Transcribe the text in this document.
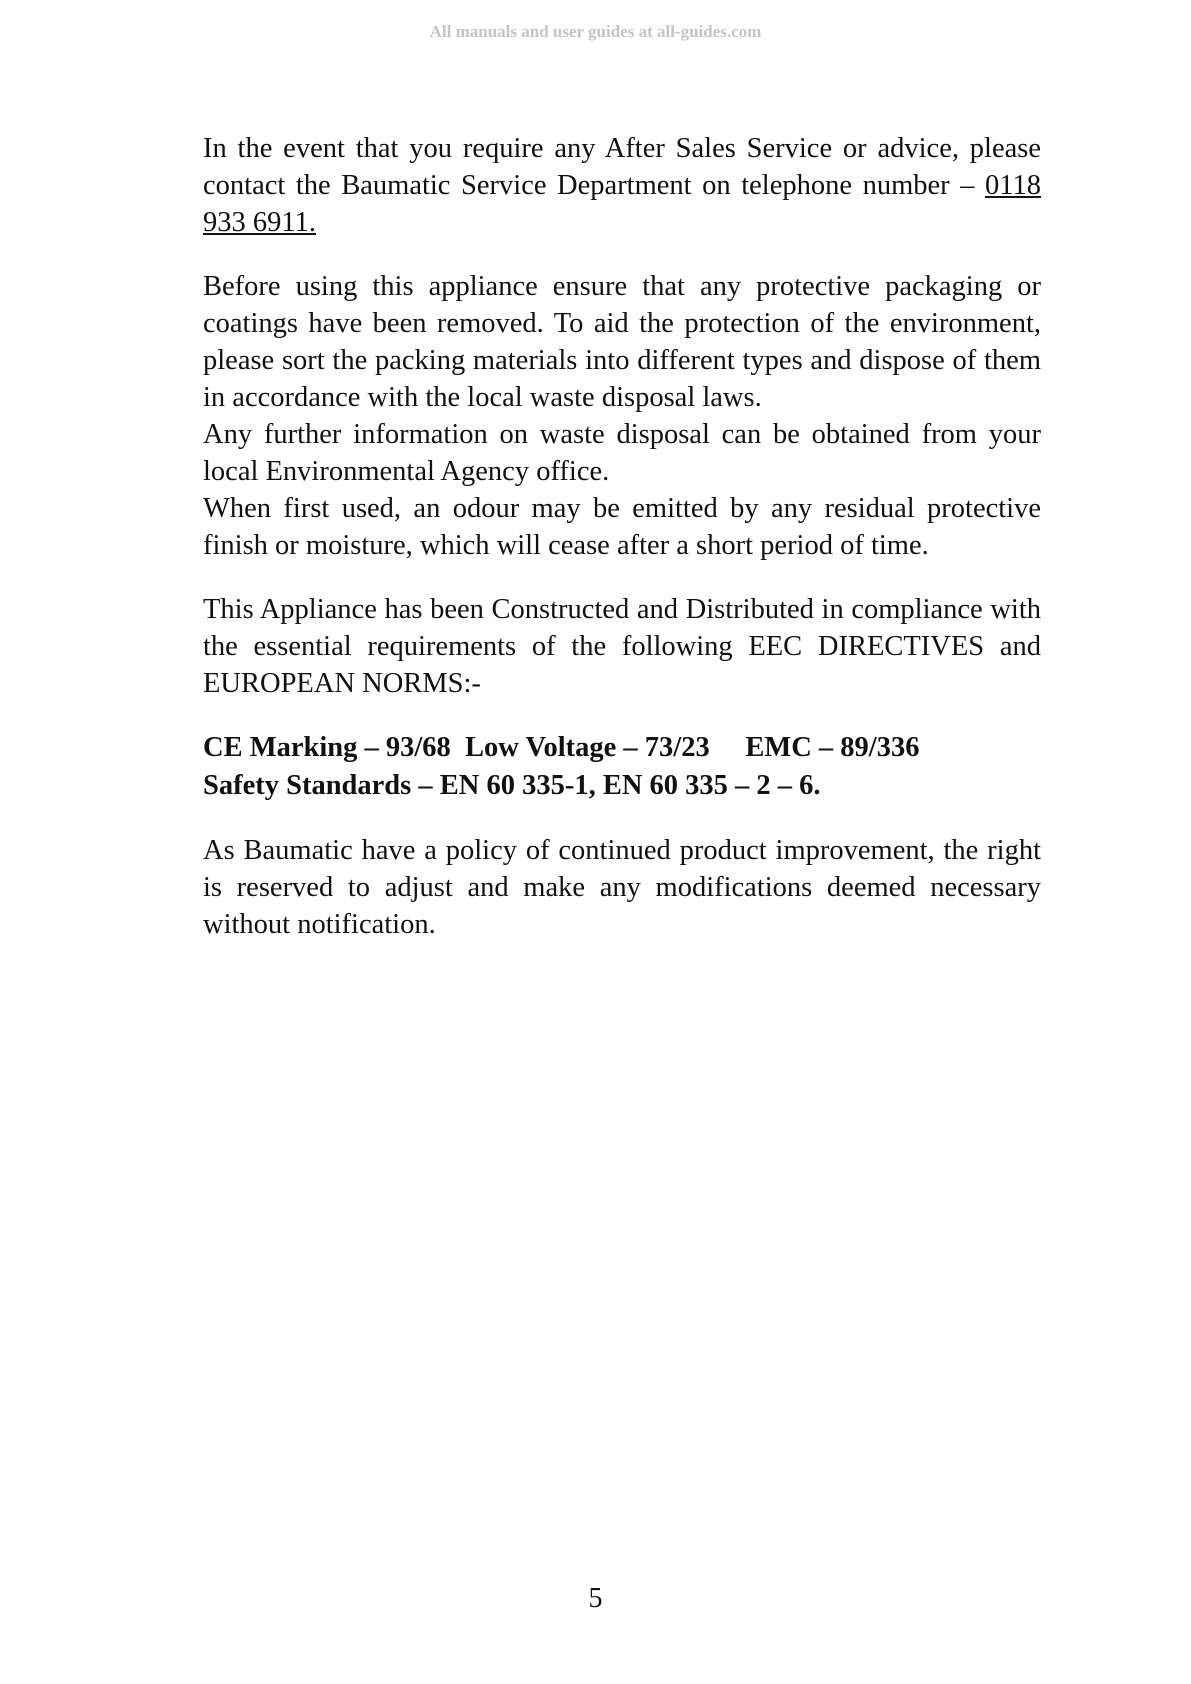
All manuals and user guides at all-guides.com

In the event that you require any After Sales Service or advice, please contact the Baumatic Service Department on telephone number – 0118 933 6911.

Before using this appliance ensure that any protective packaging or coatings have been removed. To aid the protection of the environment, please sort the packing materials into different types and dispose of them in accordance with the local waste disposal laws.

Any further information on waste disposal can be obtained from your local Environmental Agency office.

When first used, an odour may be emitted by any residual protective finish or moisture, which will cease after a short period of time.

This Appliance has been Constructed and Distributed in compliance with the essential requirements of the following EEC DIRECTIVES and EUROPEAN NORMS:-

CE Marking – 93/68  Low Voltage – 73/23     EMC – 89/336
Safety Standards – EN 60 335-1, EN 60 335 – 2 – 6.

As Baumatic have a policy of continued product improvement, the right is reserved to adjust and make any modifications deemed necessary without notification.

5
